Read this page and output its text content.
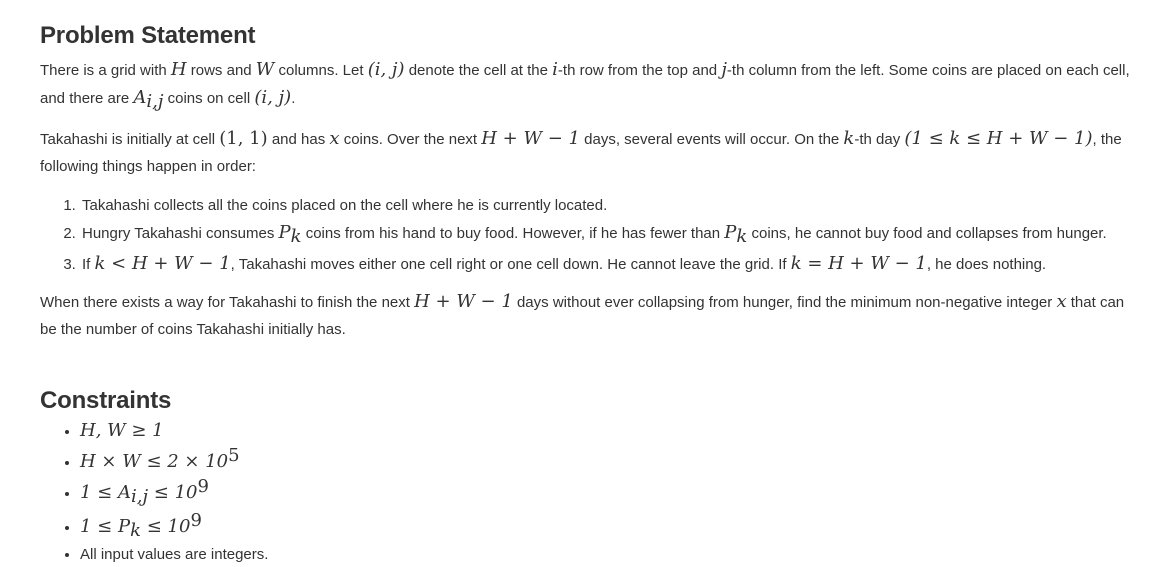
Problem Statement

There is a grid with H rows and W columns. Let (i, j) denote the cell at the i-th row from the top and j-th column from the left. Some coins are placed on each cell, and there are $A_{i,j}$ coins on cell (i, j).

Takahashi is initially at cell (1, 1) and has x coins. Over the next H + W − 1 days, several events will occur. On the k-th day (1 ≤ k ≤ H + W − 1), the following things happen in order:

1. Takahashi collects all the coins placed on the cell where he is currently located.
2. Hungry Takahashi consumes $P_k$ coins from his hand to buy food. However, if he has fewer than $P_k$ coins, he cannot buy food and collapses from hunger.
3. If k < H + W − 1, Takahashi moves either one cell right or one cell down. He cannot leave the grid. If k = H + W − 1, he does nothing.

When there exists a way for Takahashi to finish the next H + W − 1 days without ever collapsing from hunger, find the minimum non-negative integer x that can be the number of coins Takahashi initially has.

Constraints
• H, W ≥ 1
• $H \times W \le 2 \times 10^5$
• $1 \le A_{i,j} \le 10^9$
• $1 \le P_k \le 10^9$
• All input values are integers.
